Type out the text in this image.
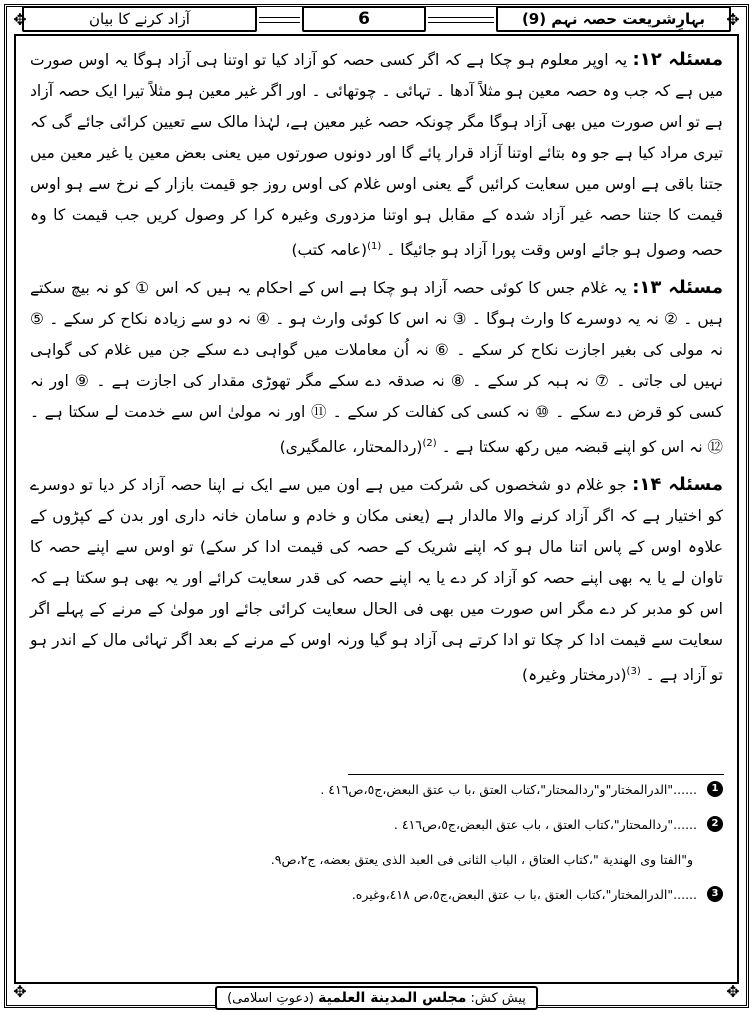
✥	✥
✥	✥
بہارِشریعت حصہ نہم (9)
6
آزاد کرنے کا بیان

مسئلہ ۱۲: یہ اوپر معلوم ہو چکا ہے کہ اگر کسی حصہ کو آزاد کیا تو اوتنا ہی آزاد ہوگا یہ اوس صورت میں ہے کہ جب وہ حصہ معین ہو مثلاً آدھا ۔ تہائی ۔ چوتھائی ۔ اور اگر غیر معین ہو مثلاً تیرا ایک حصہ آزاد ہے تو اس صورت میں بھی آزاد ہوگا مگر چونکہ حصہ غیر معین ہے، لہٰذا مالک سے تعیین کرائی جائے گی کہ تیری مراد کیا ہے جو وہ بتائے اوتنا آزاد قرار پائے گا اور دونوں صورتوں میں یعنی بعض معین یا غیر معین میں جتنا باقی ہے اوس میں سعایت کرائیں گے یعنی اوس غلام کی اوس روز جو قیمت بازار کے نرخ سے ہو اوس قیمت کا جتنا حصہ غیر آزاد شدہ کے مقابل ہو اوتنا مزدوری وغیرہ کرا کر وصول کریں جب قیمت کا وہ حصہ وصول ہو جائے اوس وقت پورا آزاد ہو جائیگا ۔ $^{(1)}$(عامہ کتب)

مسئلہ ۱۳: یہ غلام جس کا کوئی حصہ آزاد ہو چکا ہے اس کے احکام یہ ہیں کہ اس ① کو نہ بیچ سکتے ہیں ۔ ② نہ یہ دوسرے کا وارث ہوگا ۔ ③ نہ اس کا کوئی وارث ہو ۔ ④ نہ دو سے زیادہ نکاح کر سکے ۔ ⑤ نہ مولی کی بغیر اجازت نکاح کر سکے ۔ ⑥ نہ اُن معاملات میں گواہی دے سکے جن میں غلام کی گواہی نہیں لی جاتی ۔ ⑦ نہ ہبہ کر سکے ۔ ⑧ نہ صدقہ دے سکے مگر تھوڑی مقدار کی اجازت ہے ۔ ⑨ اور نہ کسی کو قرض دے سکے ۔ ⑩ نہ کسی کی کفالت کر سکے ۔ ⑪ اور نہ مولیٰ اس سے خدمت لے سکتا ہے ۔ ⑫ نہ اس کو اپنے قبضہ میں رکھ سکتا ہے ۔ $^{(2)}$(ردالمحتار، عالمگیری)

مسئلہ ۱۴: جو غلام دو شخصوں کی شرکت میں ہے اون میں سے ایک نے اپنا حصہ آزاد کر دیا تو دوسرے کو اختیار ہے کہ اگر آزاد کرنے والا مالدار ہے (یعنی مکان و خادم و سامان خانہ داری اور بدن کے کپڑوں کے علاوہ اوس کے پاس اتنا مال ہو کہ اپنے شریک کے حصہ کی قیمت ادا کر سکے) تو اوس سے اپنے حصہ کا تاوان لے یا یہ بھی اپنے حصہ کو آزاد کر دے یا یہ اپنے حصہ کی قدر سعایت کرائے اور یہ بھی ہو سکتا ہے کہ اس کو مدبر کر دے مگر اس صورت میں بھی فی الحال سعایت کرائی جائے اور مولیٰ کے مرنے کے پہلے اگر سعایت سے قیمت ادا کر چکا تو ادا کرتے ہی آزاد ہو گیا ورنہ اوس کے مرنے کے بعد اگر تہائی مال کے اندر ہو تو آزاد ہے ۔ $^{(3)}$(درمختار وغیرہ)

1
......"الدرالمختار"و"ردالمحتار"،کتاب العتق ،با ب عتق البعض،ج٥،ص٤١٦ .
2
......"ردالمحتار"،كتاب العتق ، باب عتق البعض،ج٥،ص٤١٦ .
و"الفتا وى الهندية "،كتاب العتاق ، الباب الثانى فى العبد الذى يعتق بعضه، ج٢،ص٩.
3
......"الدرالمختار"،كتاب العتق ،با ب عتق البعض،ج٥،ص ٤١٨،وغيره.
پیش کش: مجلس المدینة العلمیة (دعوتِ اسلامی)
